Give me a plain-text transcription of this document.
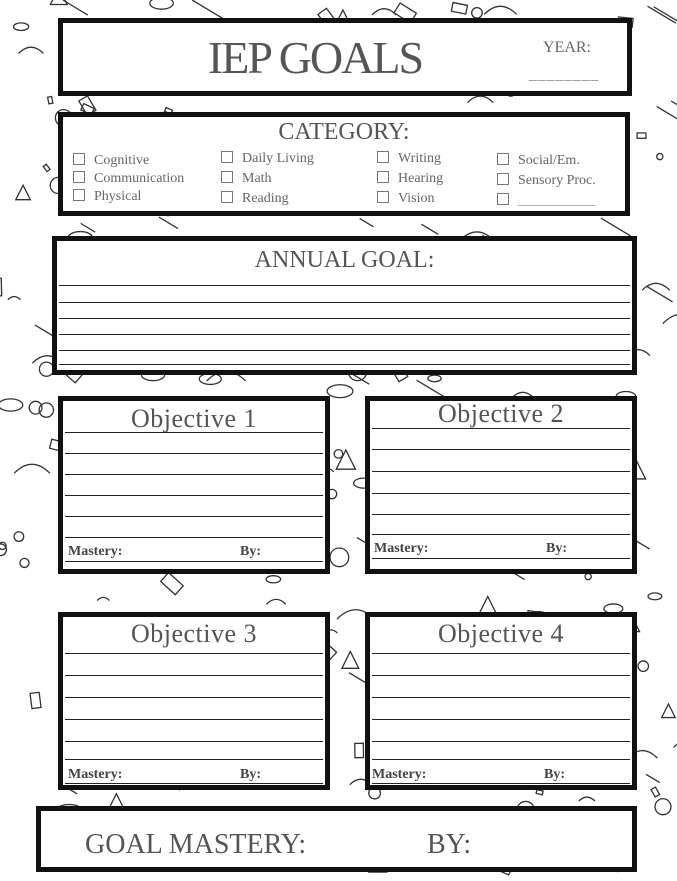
IEP GOALS	YEAR:
________
CATEGORY:
Cognitive
Communication
Physical
Daily Living
Math
Reading
Writing
Hearing
Vision
Social/Em.
Sensory Proc.
___________
ANNUAL GOAL:
Objective 1
Mastery:	By:
Objective 2
Mastery:	By:
Objective 3
Mastery:	By:
Objective 4
Mastery:	By:
GOAL MASTERY:	BY:
